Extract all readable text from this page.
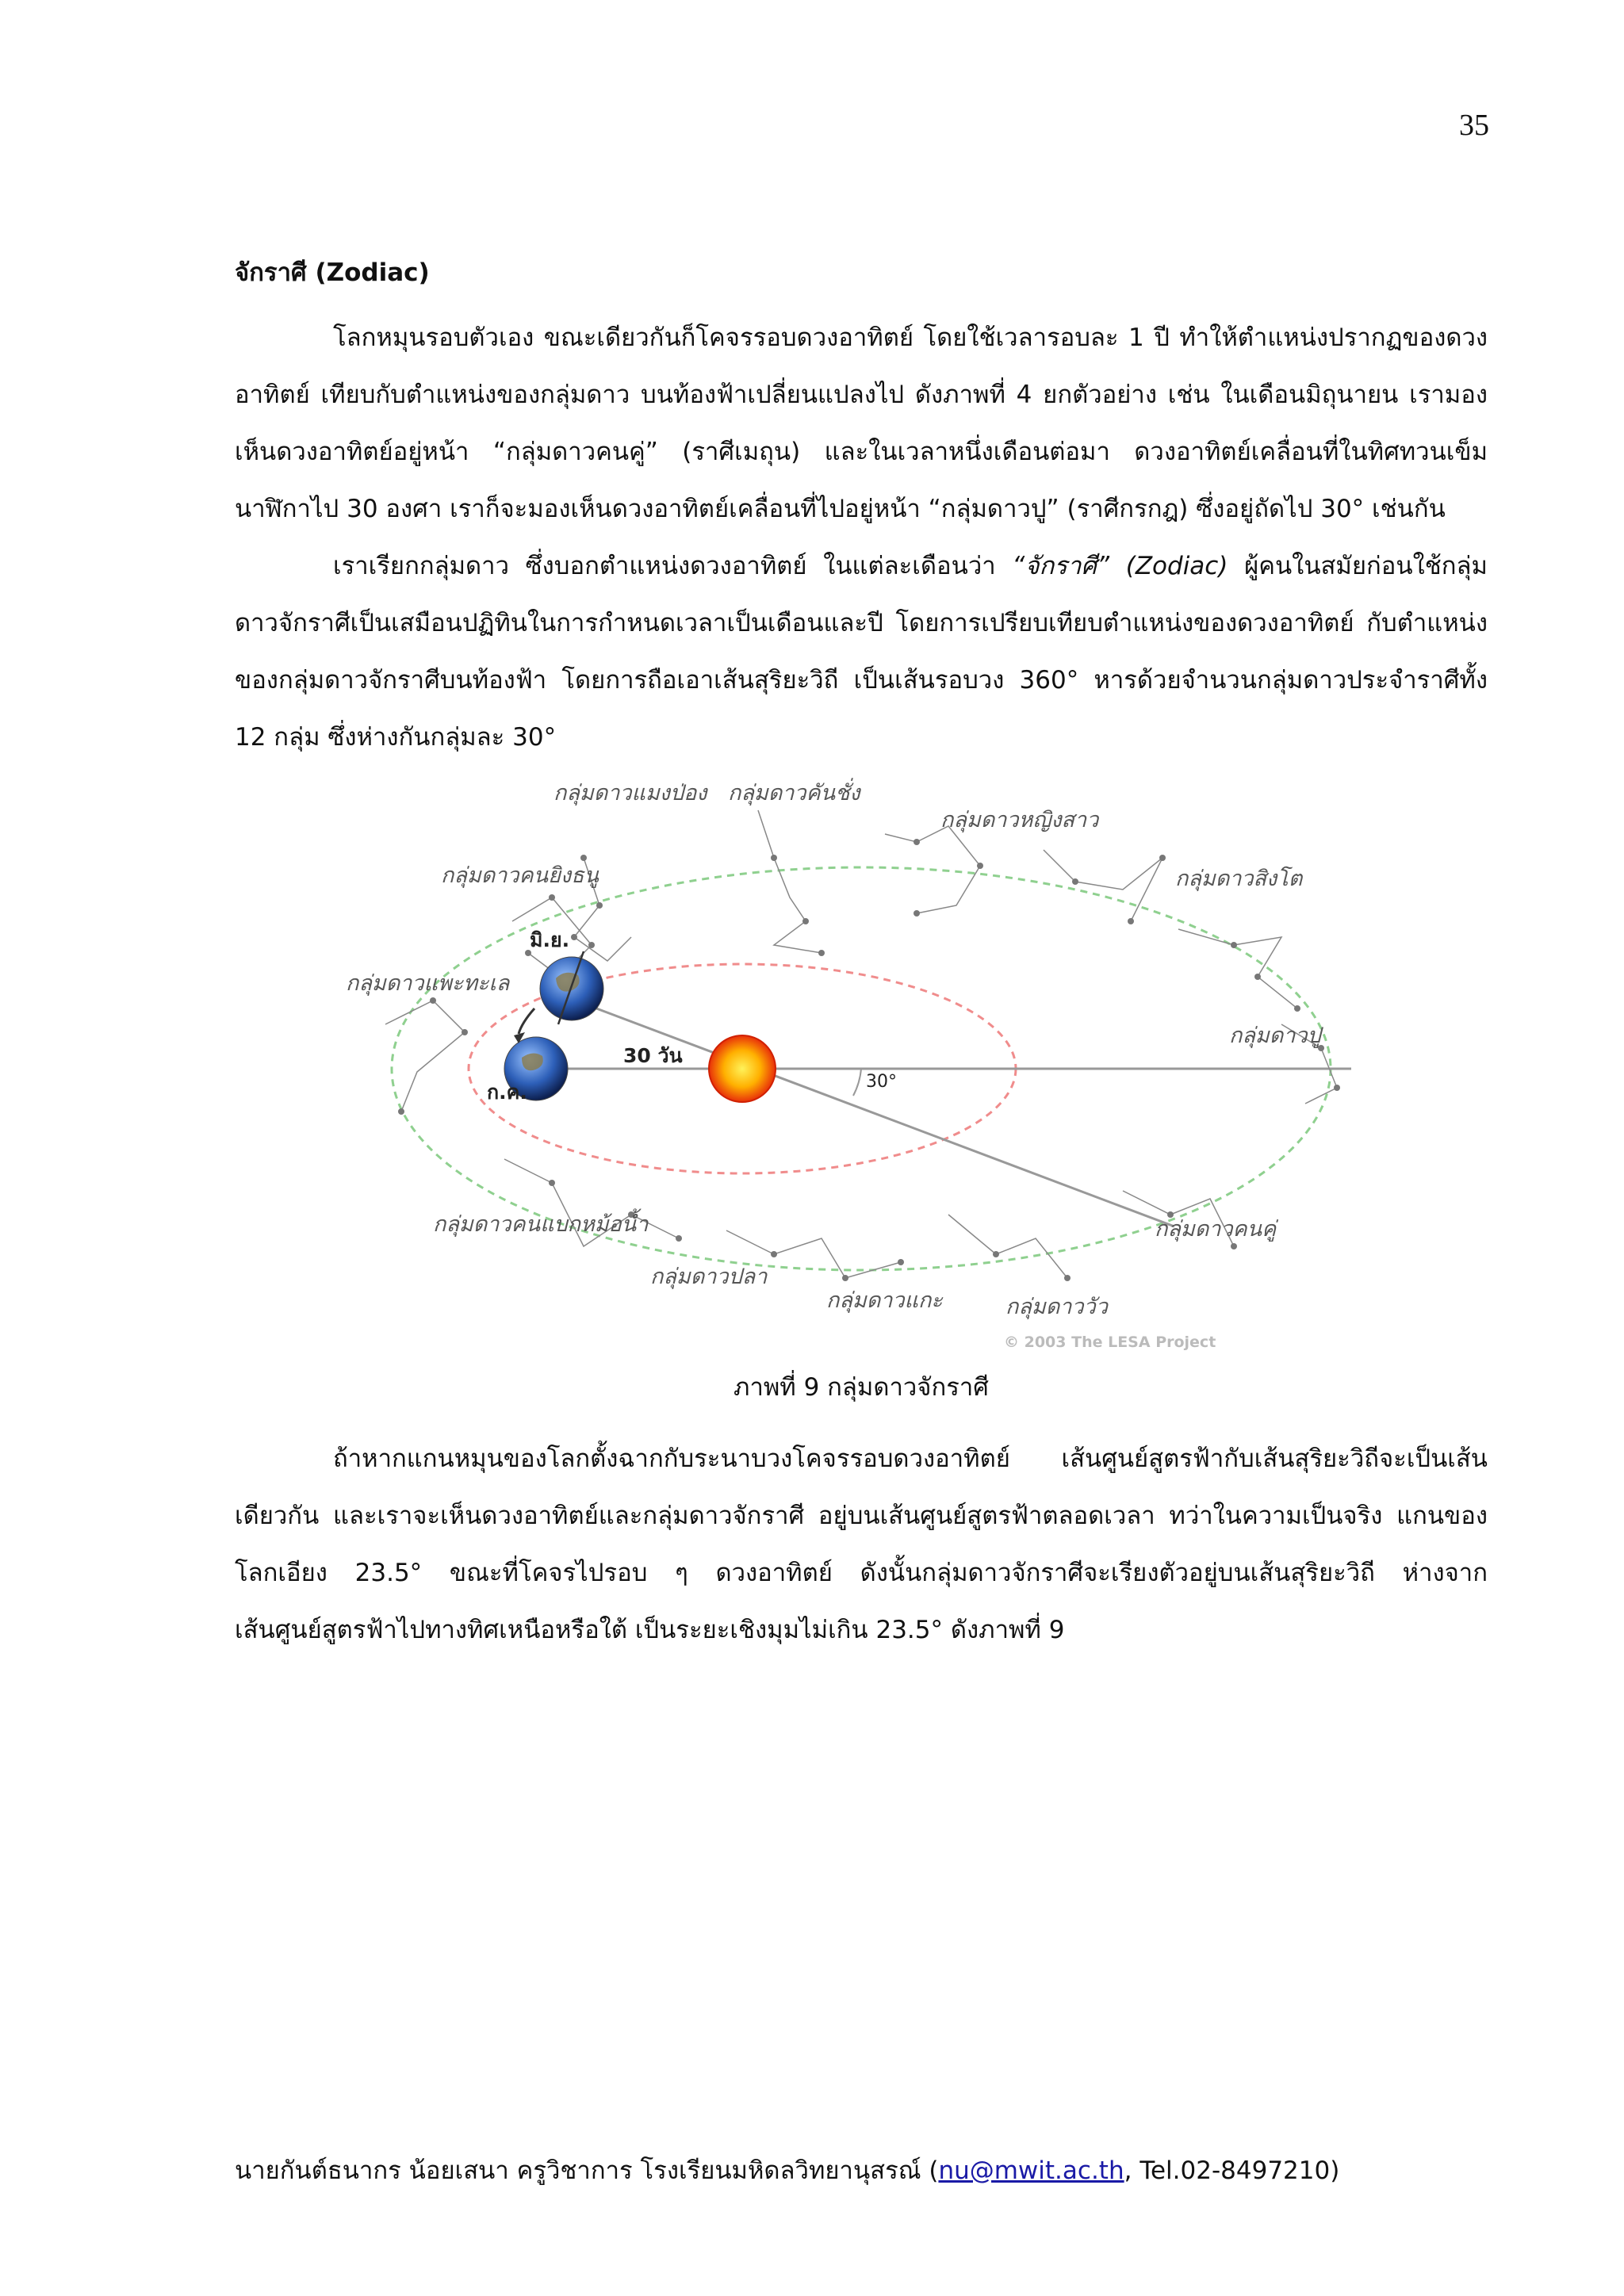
35
จักราศี (Zodiac)

โลกหมุนรอบตัวเอง ขณะเดียวกันก็โคจรรอบดวงอาทิตย์ โดยใช้เวลารอบละ 1 ปี ทำให้ตำแหน่งปรากฏของดวงอาทิตย์ เทียบกับตำแหน่งของกลุ่มดาว บนท้องฟ้าเปลี่ยนแปลงไป ดังภาพที่ 4 ยกตัวอย่าง เช่น ในเดือนมิถุนายน เรามองเห็นดวงอาทิตย์อยู่หน้า “กลุ่มดาวคนคู่” (ราศีเมถุน) และในเวลาหนึ่งเดือนต่อมา ดวงอาทิตย์เคลื่อนที่ในทิศทวนเข็มนาฬิกาไป 30 องศา เราก็จะมองเห็นดวงอาทิตย์เคลื่อนที่ไปอยู่หน้า “กลุ่มดาวปู” (ราศีกรกฎ) ซึ่งอยู่ถัดไป 30° เช่นกัน

เราเรียกกลุ่มดาว ซึ่งบอกตำแหน่งดวงอาทิตย์ ในแต่ละเดือนว่า “จักราศี” (Zodiac) ผู้คนในสมัยก่อนใช้กลุ่มดาวจักราศีเป็นเสมือนปฏิทินในการกำหนดเวลาเป็นเดือนและปี โดยการเปรียบเทียบตำแหน่งของดวงอาทิตย์ กับตำแหน่งของกลุ่มดาวจักราศีบนท้องฟ้า โดยการถือเอาเส้นสุริยะวิถี เป็นเส้นรอบวง 360° หารด้วยจำนวนกลุ่มดาวประจำราศีทั้ง 12 กลุ่ม ซึ่งห่างกันกลุ่มละ 30°

กลุ่มดาวแมงป่อง กลุ่มดาวคันชั่ง
กลุ่มดาวหญิงสาว
กลุ่มดาวคนยิงธนู	กลุ่มดาวสิงโต
กลุ่มดาวแพะทะเล
กลุ่มดาวปู
กลุ่มดาวคนแบกหม้อน้ำ	กลุ่มดาวคนคู่
กลุ่มดาวปลา
กลุ่มดาวแกะ	กลุ่มดาววัว
มิ.ย.
ก.ค.
30 วัน
30°
© 2003 The LESA Project
ภาพที่ 9 กลุ่มดาวจักราศี

ถ้าหากแกนหมุนของโลกตั้งฉากกับระนาบวงโคจรรอบดวงอาทิตย์ เส้นศูนย์สูตรฟ้ากับเส้นสุริยะวิถีจะเป็นเส้นเดียวกัน และเราจะเห็นดวงอาทิตย์และกลุ่มดาวจักราศี อยู่บนเส้นศูนย์สูตรฟ้าตลอดเวลา ทว่าในความเป็นจริง แกนของโลกเอียง 23.5° ขณะที่โคจรไปรอบ ๆ ดวงอาทิตย์ ดังนั้นกลุ่มดาวจักราศีจะเรียงตัวอยู่บนเส้นสุริยะวิถี ห่างจากเส้นศูนย์สูตรฟ้าไปทางทิศเหนือหรือใต้ เป็นระยะเชิงมุมไม่เกิน 23.5° ดังภาพที่ 9

นายกันต์ธนากร น้อยเสนา ครูวิชาการ โรงเรียนมหิดลวิทยานุสรณ์ (nu@mwit.ac.th, Tel.02-8497210)
